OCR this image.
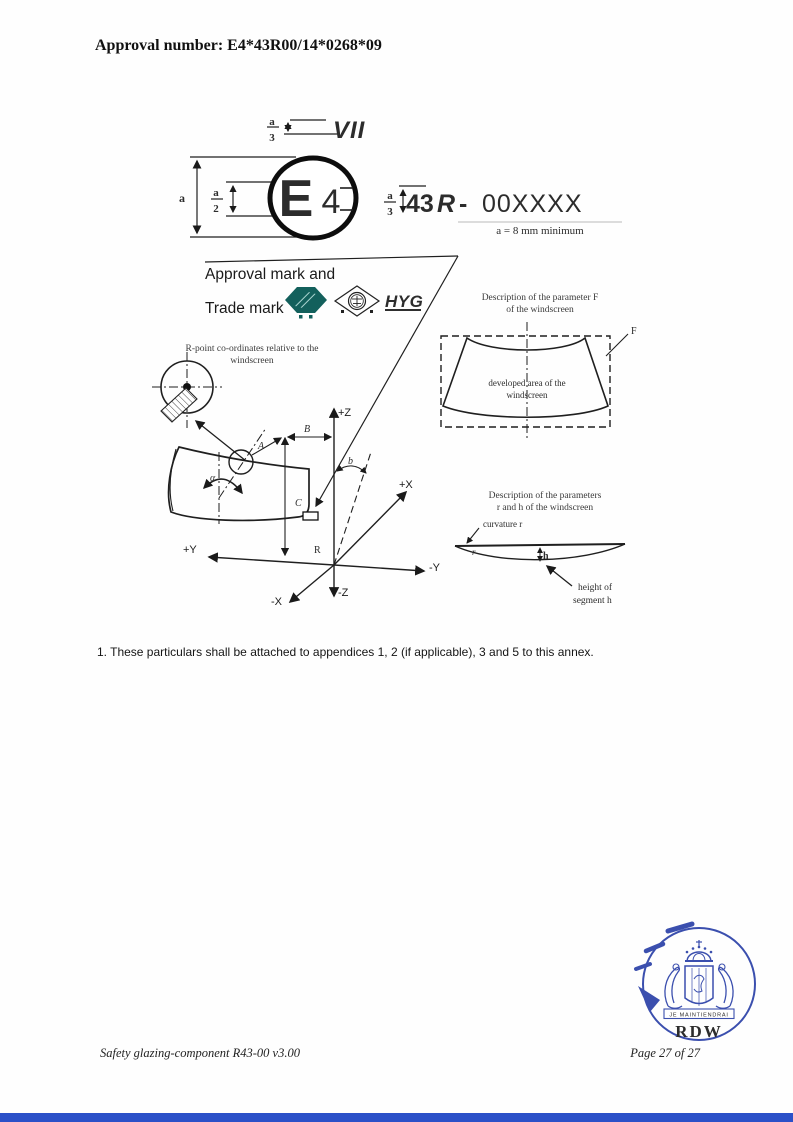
Approval number: E4*43R00/14*0268*09
Approval mark and
Trade mark
1. These particulars shall be attached to appendices 1, 2 (if applicable), 3 and 5 to this annex.
Safety glazing-component R43-00 v3.00	Page 27 of 27
a
3 VII
a	a
2 E 4	a
3 43 R - 00XXXX
a = 8 mm minimum
HYG
R-point co-ordinates relative to the
windscreen
A
B
C
R
α
b
+Z
-Z
+Y
-Y
+X
-X
Description of the parameter F
of the windscreen
developed area of the
windscreen
F
Description of the parameters
r and h of the windscreen
curvature r
r	h
height of
segment h
JE MAINTIENDRAI
RDW
